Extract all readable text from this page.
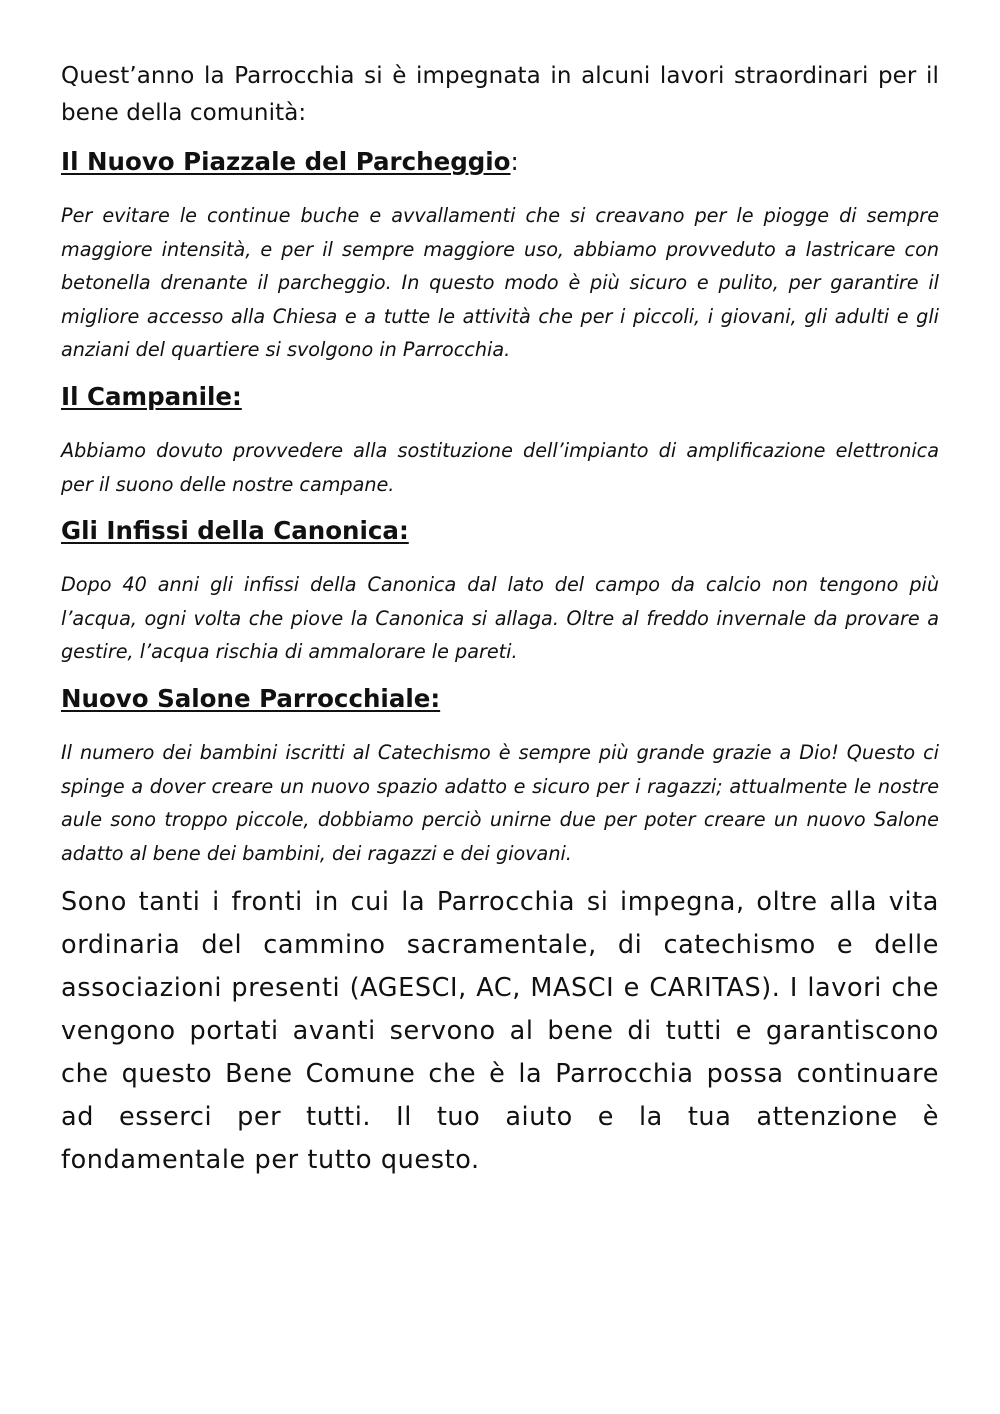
Quest’anno la Parrocchia si è impegnata in alcuni lavori straordinari per il bene della comunità:

Il Nuovo Piazzale del Parcheggio:

Per evitare le continue buche e avvallamenti che si creavano per le piogge di sempre maggiore intensità, e per il sempre maggiore uso, abbiamo provveduto a lastricare con betonella drenante il parcheggio. In questo modo è più sicuro e pulito, per garantire il migliore accesso alla Chiesa e a tutte le attività che per i piccoli, i giovani, gli adulti e gli anziani del quartiere si svolgono in Parrocchia.

Il Campanile:

Abbiamo dovuto provvedere alla sostituzione dell’impianto di amplificazione elettronica per il suono delle nostre campane.

Gli Infissi della Canonica:

Dopo 40 anni gli infissi della Canonica dal lato del campo da calcio non tengono più l’acqua, ogni volta che piove la Canonica si allaga. Oltre al freddo invernale da provare a gestire, l’acqua rischia di ammalorare le pareti.

Nuovo Salone Parrocchiale:

Il numero dei bambini iscritti al Catechismo è sempre più grande grazie a Dio! Questo ci spinge a dover creare un nuovo spazio adatto e sicuro per i ragazzi; attualmente le nostre aule sono troppo piccole, dobbiamo perciò unirne due per poter creare un nuovo Salone adatto al bene dei bambini, dei ragazzi e dei giovani.

Sono tanti i fronti in cui la Parrocchia si impegna, oltre alla vita ordinaria del cammino sacramentale, di catechismo e delle associazioni presenti (AGESCI, AC, MASCI e CARITAS). I lavori che vengono portati avanti servono al bene di tutti e garantiscono che questo Bene Comune che è la Parrocchia possa continuare ad esserci per tutti. Il tuo aiuto e la tua attenzione è fondamentale per tutto questo.
